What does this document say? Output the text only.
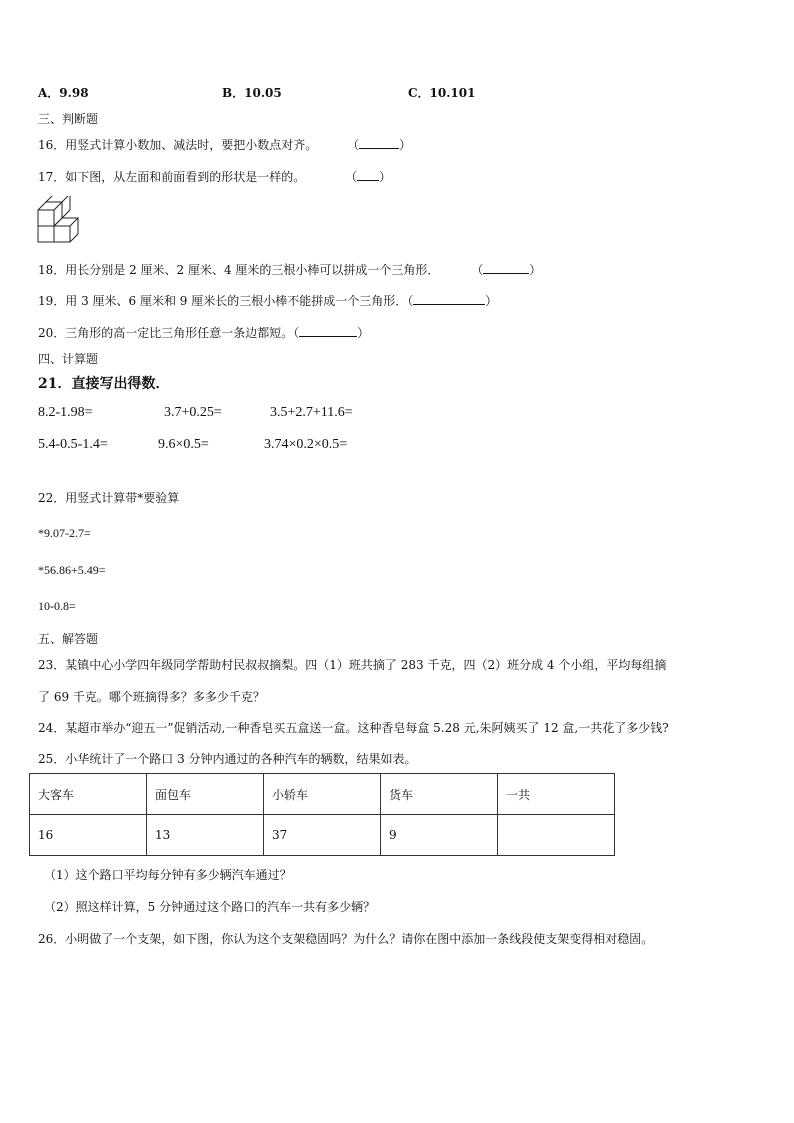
A．9.98	B．10.05	C．10.101
三、判断题
16．用竖式计算小数加、减法时，要把小数点对齐。 （	）
17．如下图，从左面和前面看到的形状是一样的。	（ ）
18．用长分别是 2 厘米、2 厘米、4 厘米的三根小棒可以拼成一个三角形．	（	）
19．用 3 厘米、6 厘米和 9 厘米长的三根小棒不能拼成一个三角形．（	）
20．三角形的高一定比三角形任意一条边都短。（	）
四、计算题
21．直接写出得数．
8.2-1.98=	3.7+0.25=	3.5+2.7+11.6=
5.4-0.5-1.4=	9.6×0.5=	3.74×0.2×0.5=
22．用竖式计算带*要验算
*9.07-2.7=
*56.86+5.49=
10-0.8=
五、解答题
23．某镇中心小学四年级同学帮助村民叔叔摘梨。四（1）班共摘了 283 千克，四（2）班分成 4 个小组，平均每组摘
了 69 千克。哪个班摘得多？多多少千克？
24．某超市举办“迎五一”促销活动,一种香皂买五盒送一盒。这种香皂每盒 5.28 元,朱阿姨买了 12 盒,一共花了多少钱?
25．小华统计了一个路口 3 分钟内通过的各种汽车的辆数，结果如表。
大客车	面包车	小轿车	货车	一共
16	13	37	9	
（1）这个路口平均每分钟有多少辆汽车通过？
（2）照这样计算，5 分钟通过这个路口的汽车一共有多少辆？
26．小明做了一个支架，如下图，你认为这个支架稳固吗？为什么？请你在图中添加一条线段使支架变得相对稳固。
